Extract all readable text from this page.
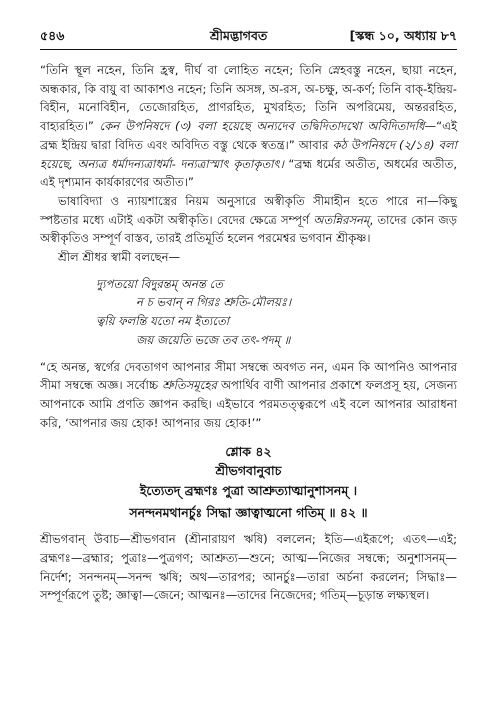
৫৪৬	শ্রীমদ্ভাগবত	[স্কন্ধ ১০, অধ্যায় ৮৭

“তিনি স্থূল নহেন, তিনি হ্রস্ব, দীর্ঘ বা লোহিত নহেন; তিনি স্নেহবস্তু নহেন, ছায়া নহেন, অন্ধকার, কি বায়ু বা আকাশও নহেন; তিনি অসঙ্গ, অ-রস, অ-চক্ষু, অ-কর্ণ; তিনি বাক্-ইন্দ্রিয়-বিহীন, মনোবিহীন, তেজোরহিত, প্রাণরহিত, মুখরহিত; তিনি অপরিমেয়, অন্তররহিত, বাহ্যরহিত।” কেন উপনিষদে (৩) বলা হয়েছে অন্যদেব তদ্বিদিতাদথো অবিদিতাদধি—“এই ব্রহ্ম ইন্দ্রিয় দ্বারা বিদিত এবং অবিদিত বস্তু থেকে স্বতন্ত্র।” আবার কঠ উপনিষদে (২/১৪) বলা হয়েছে, অন্যত্র ধর্মাদন্যত্রাধর্মা- দন্যত্রাস্মাৎ কৃতাকৃতাৎ। “ব্রহ্ম ধর্মের অতীত, অধর্মের অতীত, এই দৃশ্যমান কার্যকারণের অতীত।”

ভাষাবিদ্যা ও ন্যায়শাস্ত্রের নিয়ম অনুসারে অস্বীকৃতি সীমাহীন হতে পারে না—কিছু স্পষ্টতার মধ্যে এটাই একটা অস্বীকৃতি। বেদের ক্ষেত্রে সম্পূর্ণ অতন্নিরসনম্‌, তাদের কোন জড় অস্বীকৃতিও সম্পূর্ণ বাস্তব, তারই প্রতিমূর্তি হলেন পরমেশ্বর ভগবান শ্রীকৃষ্ণ।

শ্রীল শ্রীধর স্বামী বলছেন—

দ্যুপতয়ো বিদুরন্তম্‌ অনন্ত তে
ন চ ভবান্‌ ন গিরঃ শ্রুতি-মৌলয়ঃ।
ত্বয়ি ফলন্তি যতো নম ইত্যতো
জয় জয়েতি ভজে তব তৎ-পদম্‌ ॥

“হে অনন্ত, স্বর্গের দেবতাগণ আপনার সীমা সম্বন্ধে অবগত নন, এমন কি আপনিও আপনার সীমা সম্বন্ধে অজ্ঞ। সর্বোচ্চ শ্রুতিসমূহের অপার্থিব বাণী আপনার প্রকাশে ফলপ্রসূ হয়, সেজন্য আপনাকে আমি প্রণতি জ্ঞাপন করছি। এইভাবে পরমতত্ত্বরূপে এই বলে আপনার আরাধনা করি, ‘আপনার জয় হোক! আপনার জয় হোক!’”

শ্লোক ৪২
শ্রীভগবানুবাচ
ইত্যেতদ্‌ ব্রহ্মণঃ পুত্রা আশ্রুত্যাত্মানুশাসনম্‌ ।
সনন্দনমথানর্চুঃ সিদ্ধা জ্ঞাত্বাত্মনো গতিম্‌ ॥ ৪২ ॥

শ্রীভগবান্‌ উবাচ—শ্রীভগবান (শ্রীনারায়ণ ঋষি) বললেন; ইতি—এইরূপে; এতৎ—এই; ব্রহ্মণঃ—ব্রহ্মার; পুত্রাঃ—পুত্রগণ; আশ্রুত্য—শুনে; আত্ম—নিজের সম্বন্ধে; অনুশাসনম্‌—নির্দেশ; সনন্দনম্‌—সনন্দ ঋষি; অথ—তারপর; আনর্চুঃ—তারা অর্চনা করলেন; সিদ্ধাঃ—সম্পূর্ণরূপে তুষ্ট; জ্ঞাত্বা—জেনে; আত্মনঃ—তাদের নিজেদের; গতিম্‌—চূড়ান্ত লক্ষ্যস্থল।
